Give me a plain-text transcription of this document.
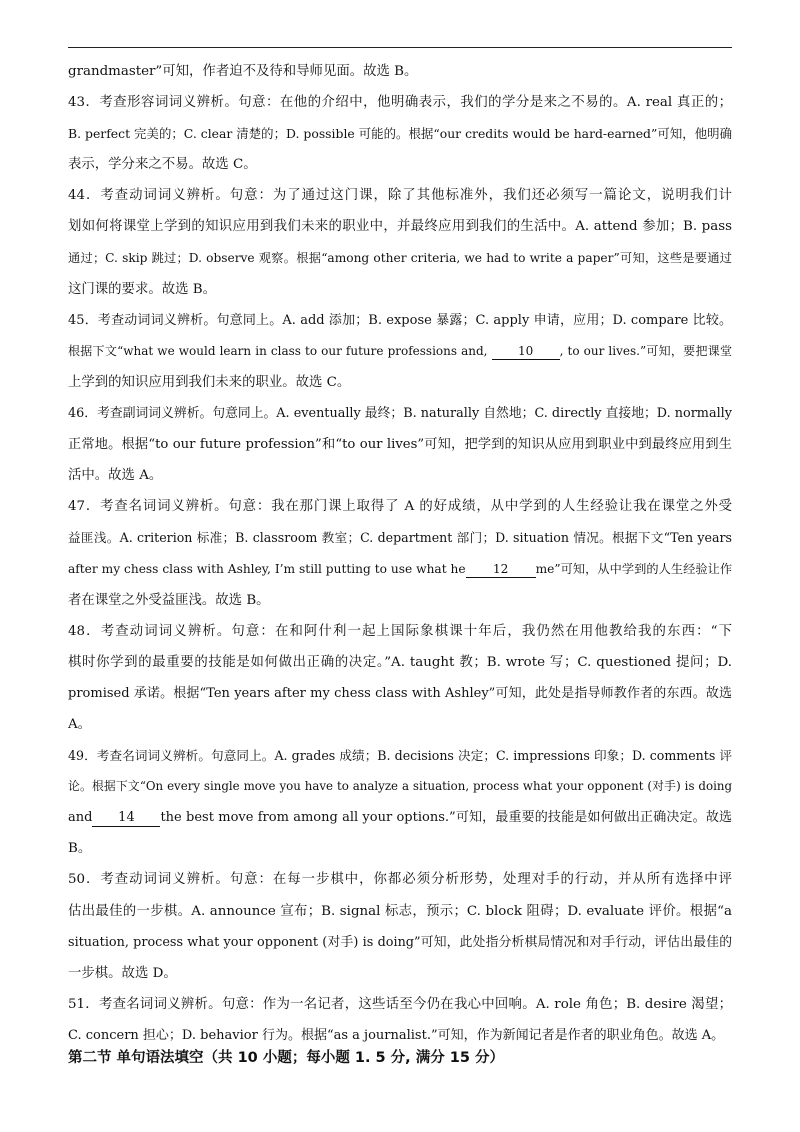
grandmaster”可知，作者迫不及待和导师见面。故选 B。
43．考查形容词词义辨析。句意：在他的介绍中，他明确表示，我们的学分是来之不易的。A. real 真正的；
B. perfect 完美的；C. clear 清楚的；D. possible 可能的。根据“our credits would be hard-earned”可知，他明确
表示，学分来之不易。故选 C。
44．考查动词词义辨析。句意：为了通过这门课，除了其他标准外，我们还必须写一篇论文，说明我们计
划如何将课堂上学到的知识应用到我们未来的职业中，并最终应用到我们的生活中。A. attend 参加；B. pass
通过；C. skip 跳过；D. observe 观察。根据“among other criteria, we had to write a paper”可知，这些是要通过
这门课的要求。故选 B。
45．考查动词词义辨析。句意同上。A. add 添加；B. expose 暴露；C. apply 申请，应用；D. compare 比较。
根据下文“what we would learn in class to our future professions and, 10 , to our lives.”可知，要把课堂
上学到的知识应用到我们未来的职业。故选 C。
46．考查副词词义辨析。句意同上。A. eventually 最终；B. naturally 自然地；C. directly 直接地；D. normally
正常地。根据“to our future profession”和“to our lives”可知，把学到的知识从应用到职业中到最终应用到生
活中。故选 A。
47．考查名词词义辨析。句意：我在那门课上取得了 A 的好成绩，从中学到的人生经验让我在课堂之外受
益匪浅。A. criterion 标准；B. classroom 教室；C. department 部门；D. situation 情况。根据下文“Ten years
after my chess class with Ashley, I’m still putting to use what he 12 me”可知，从中学到的人生经验让作
者在课堂之外受益匪浅。故选 B。
48．考查动词词义辨析。句意：在和阿什利一起上国际象棋课十年后，我仍然在用他教给我的东西：“下
棋时你学到的最重要的技能是如何做出正确的决定。”A. taught 教；B. wrote 写；C. questioned 提问；D.
promised 承诺。根据“Ten years after my chess class with Ashley”可知，此处是指导师教作者的东西。故选
A。
49．考查名词词义辨析。句意同上。A. grades 成绩；B. decisions 决定；C. impressions 印象；D. comments 评
论。根据下文“On every single move you have to analyze a situation, process what your opponent (对手) is doing
and 14 the best move from among all your options.”可知，最重要的技能是如何做出正确决定。故选
B。
50．考查动词词义辨析。句意：在每一步棋中，你都必须分析形势，处理对手的行动，并从所有选择中评
估出最佳的一步棋。A. announce 宣布；B. signal 标志，预示；C. block 阻碍；D. evaluate 评价。根据“a
situation, process what your opponent (对手) is doing”可知，此处指分析棋局情况和对手行动，评估出最佳的
一步棋。故选 D。
51．考查名词词义辨析。句意：作为一名记者，这些话至今仍在我心中回响。A. role 角色；B. desire 渴望；
C. concern 担心；D. behavior 行为。根据“as a journalist.”可知，作为新闻记者是作者的职业角色。故选 A。
第二节 单句语法填空（共 10 小题；每小题 1. 5 分, 满分 15 分）
